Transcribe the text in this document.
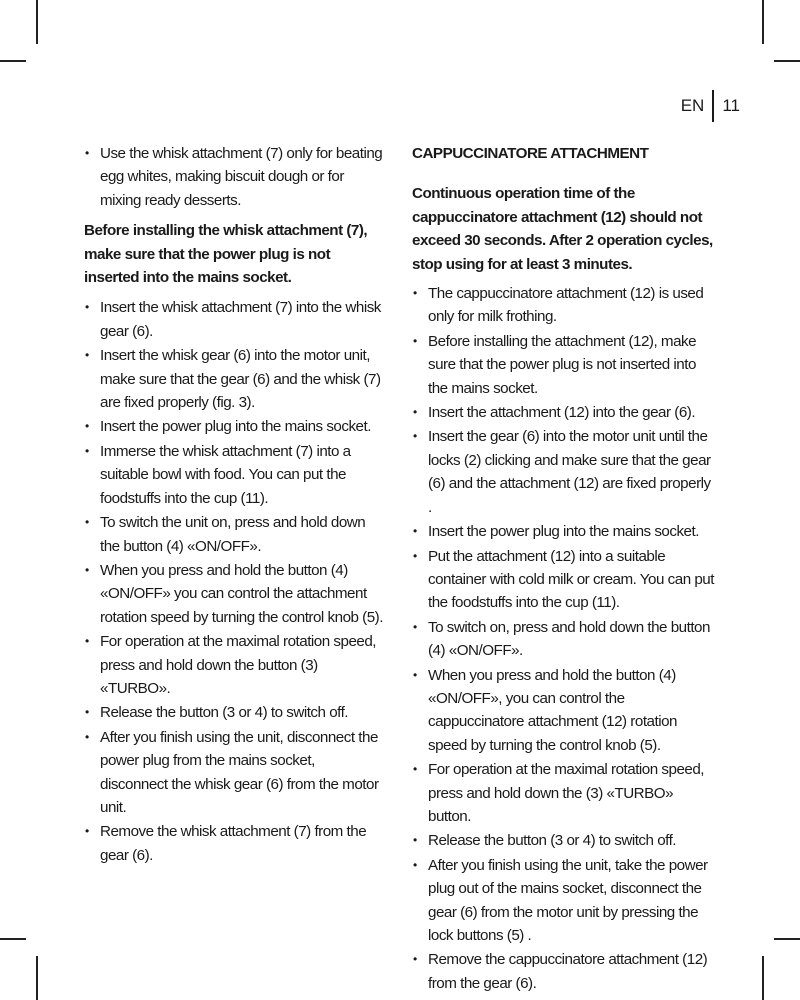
EN 11
• Use the whisk attachment (7) only for beating egg whites, making biscuit dough or for mixing ready desserts.
Before installing the whisk attachment (7), make sure that the power plug is not inserted into the mains socket.
• Insert the whisk attachment (7) into the whisk gear (6).
• Insert the whisk gear (6) into the motor unit, make sure that the gear (6) and the whisk (7) are fixed properly (fig. 3).
• Insert the power plug into the mains socket.
• Immerse the whisk attachment (7) into a suitable bowl with food. You can put the foodstuffs into the cup (11).
• To switch the unit on, press and hold down the button (4) «ON/OFF».
• When you press and hold the button (4) «ON/OFF» you can control the attachment rotation speed by turning the control knob (5).
• For operation at the maximal rotation speed, press and hold down the button (3) «TURBO».
• Release the button (3 or 4) to switch off.
• After you finish using the unit, disconnect the power plug from the mains socket, disconnect the whisk gear (6) from the motor unit.
• Remove the whisk attachment (7) from the gear (6).
CAPPUCCINATORE ATTACHMENT
Continuous operation time of the cappuccinatore attachment (12) should not exceed 30 seconds. After 2 operation cycles, stop using for at least 3 minutes.
• The cappuccinatore attachment (12) is used only for milk frothing.
• Before installing the attachment (12), make sure that the power plug is not inserted into the mains socket.
• Insert the attachment (12) into the gear (6).
• Insert the gear (6) into the motor unit until the locks (2) clicking and make sure that the gear (6) and the attachment (12) are fixed properly .
• Insert the power plug into the mains socket.
• Put the attachment (12) into a suitable container with cold milk or cream. You can put the foodstuffs into the cup (11).
• To switch on, press and hold down the button (4) «ON/OFF».
• When you press and hold the button (4) «ON/OFF», you can control the cappuccinatore attachment (12) rotation speed by turning the control knob (5).
• For operation at the maximal rotation speed, press and hold down the (3) «TURBO» button.
• Release the button (3 or 4) to switch off.
• After you finish using the unit, take the power plug out of the mains socket, disconnect the gear (6) from the motor unit by pressing the lock buttons (5) .
• Remove the cappuccinatore attachment (12) from the gear (6).
